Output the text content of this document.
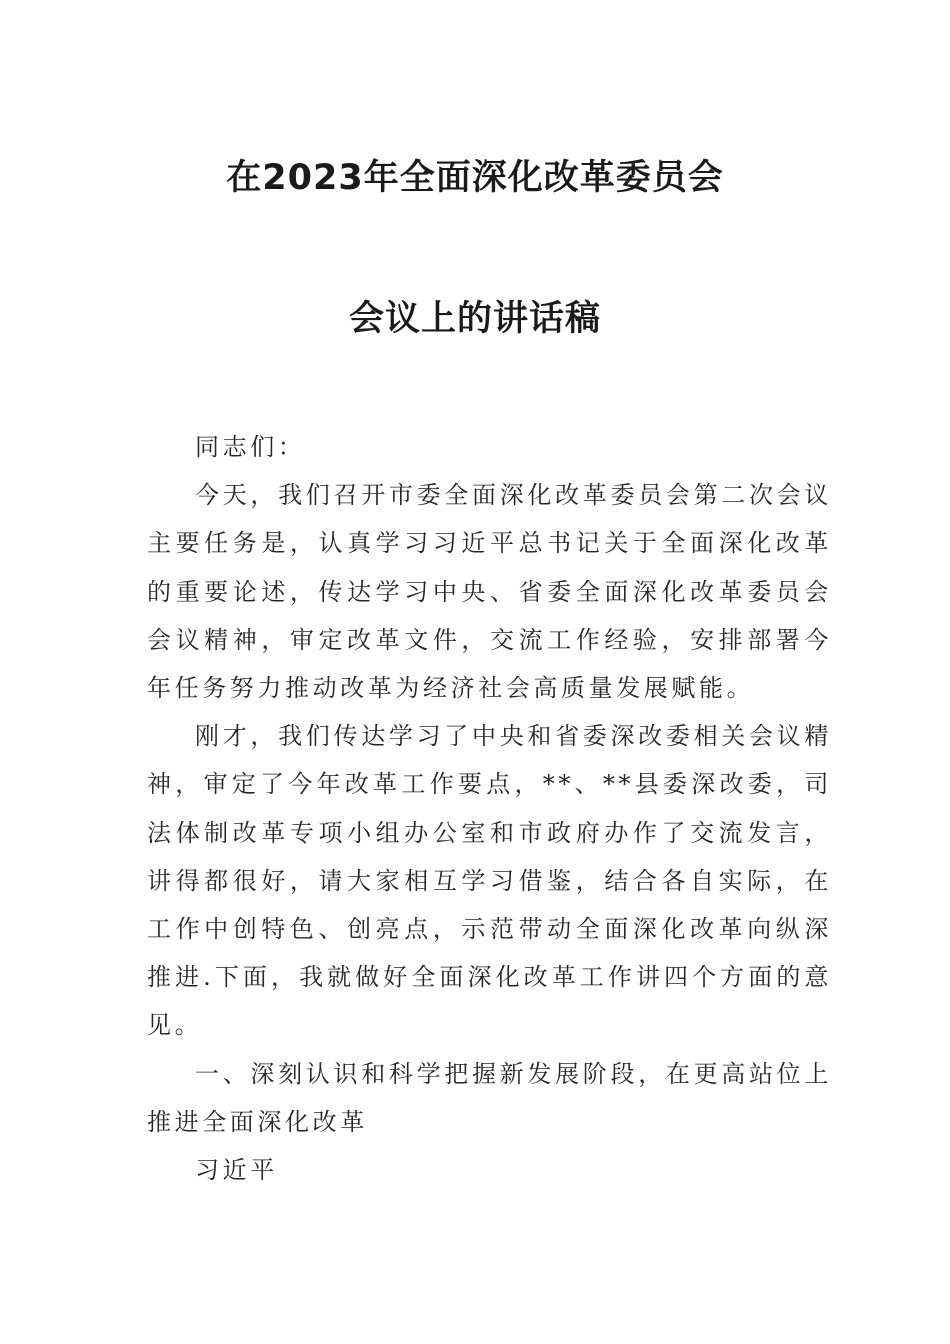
在2023年全面深化改革委员会
会议上的讲话稿

同志们：

今天，我们召开市委全面深化改革委员会第二次会议主要任务是，认真学习习近平总书记关于全面深化改革的重要论述，传达学习中央、省委全面深化改革委员会会议精神，审定改革文件，交流工作经验，安排部署今年任务努力推动改革为经济社会高质量发展赋能。

刚才，我们传达学习了中央和省委深改委相关会议精神，审定了今年改革工作要点，**、**县委深改委，司法体制改革专项小组办公室和市政府办作了交流发言，讲得都很好，请大家相互学习借鉴，结合各自实际，在工作中创特色、创亮点，示范带动全面深化改革向纵深推进.下面，我就做好全面深化改革工作讲四个方面的意见。

一、深刻认识和科学把握新发展阶段，在更高站位上推进全面深化改革

习近平
